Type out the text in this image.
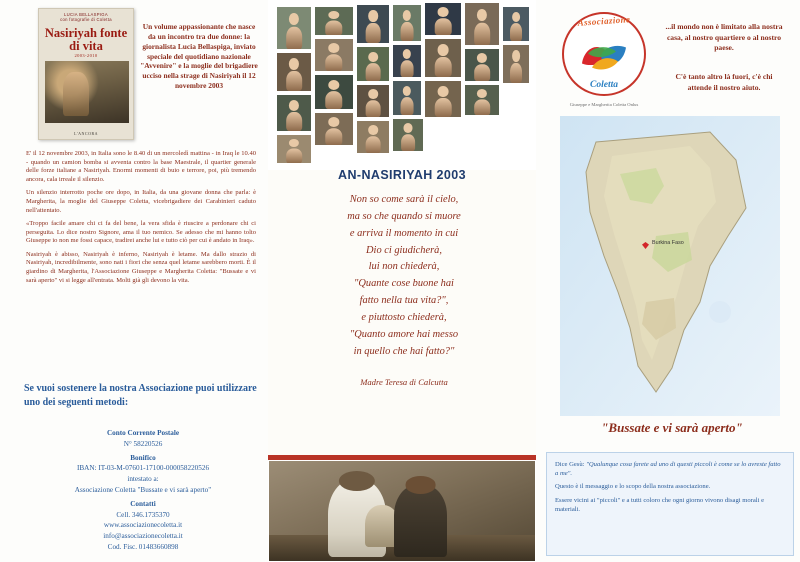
LUCIA BELLASPIGA
con fotografie di Coletta
Nasiriyah fonte di vita
2003-2010
L'ANCORA
Un volume appassionante che nasce da un incontro tra due donne: la giornalista Lucia Bellaspiga, inviato speciale del quotidiano nazionale "Avvenire" e la moglie del brigadiere ucciso nella strage di Nasiriyah il 12 novembre 2003

E' il 12 novembre 2003, in Italia sono le 8.40 di un mercoledì mattina - in Iraq le 10.40 - quando un camion bomba si avventa contro la base Maestrale, il quartier generale delle forze italiane a Nasiriyah. Enormi momenti di buio e terrore, poi, più tremendo ancora, cala irreale il silenzio.

Un silenzio interrotto poche ore dopo, in Italia, da una giovane donna che parla: è Margherita, la moglie del Giuseppe Coletta, vicebrigadiere dei Carabinieri caduto nell'attentato.

«Troppo facile amare chi ci fa del bene, la vera sfida è riuscire a perdonare chi ci perseguita. Lo dice nostro Signore, ama il tuo nemico. Se adesso che mi hanno tolto Giuseppe io non me fossi capace, tradirei anche lui e tutto ciò per cui è andato in Iraq».

Nasiriyah è abisso, Nasiriyah è inferno, Nasiriyah è letame. Ma dallo strazio di Nasiriyah, incredibilmente, sono nati i fiori che senza quel letame sarebbero morti. È il giardino di Margherita, l'Associazione Giuseppe e Margherita Coletta: "Bussate e vi sarà aperto" vi si legge all'entrata. Molti già gli devono la vita.

Se vuoi sostenere la nostra Associazione puoi utilizzare uno dei seguenti metodi:
Conto Corrente Postale
N° 58220526
Bonifico
IBAN: IT-03-M-07601-17100-000058220526
intestato a:
Associazione Coletta "Bussate e vi sarà aperto"
Contatti
Cell. 346.1735370
www.associazionecoletta.it
info@associazionecoletta.it
Cod. Fisc. 01483660898
AN-NASIRIYAH 2003
Non so come sarà il cielo,
ma so che quando si muore
e arriva il momento in cui
Dio ci giudicherà,
lui non chiederà,
"Quante cose buone hai
fatto nella tua vita?",
e piuttosto chiederà,
"Quanto amore hai messo
in quello che hai fatto?"
Madre Teresa di Calcutta
Associazione
Coletta
Giuseppe e Margherita Coletta Onlus
...il mondo non è limitato alla nostra casa, al nostro quartiere o al nostro paese.
C'è tanto altro là fuori, c'è chi attende il nostro aiuto.
Burkina Faso
"Bussate e vi sarà aperto"

Dice Gesù: "Qualunque cosa farete ad uno di questi piccoli è come se lo avreste fatto a me".

Questo è il messaggio e lo scopo della nostra associazione.

Essere vicini ai "piccoli" e a tutti coloro che ogni giorno vivono disagi morali e materiali.
